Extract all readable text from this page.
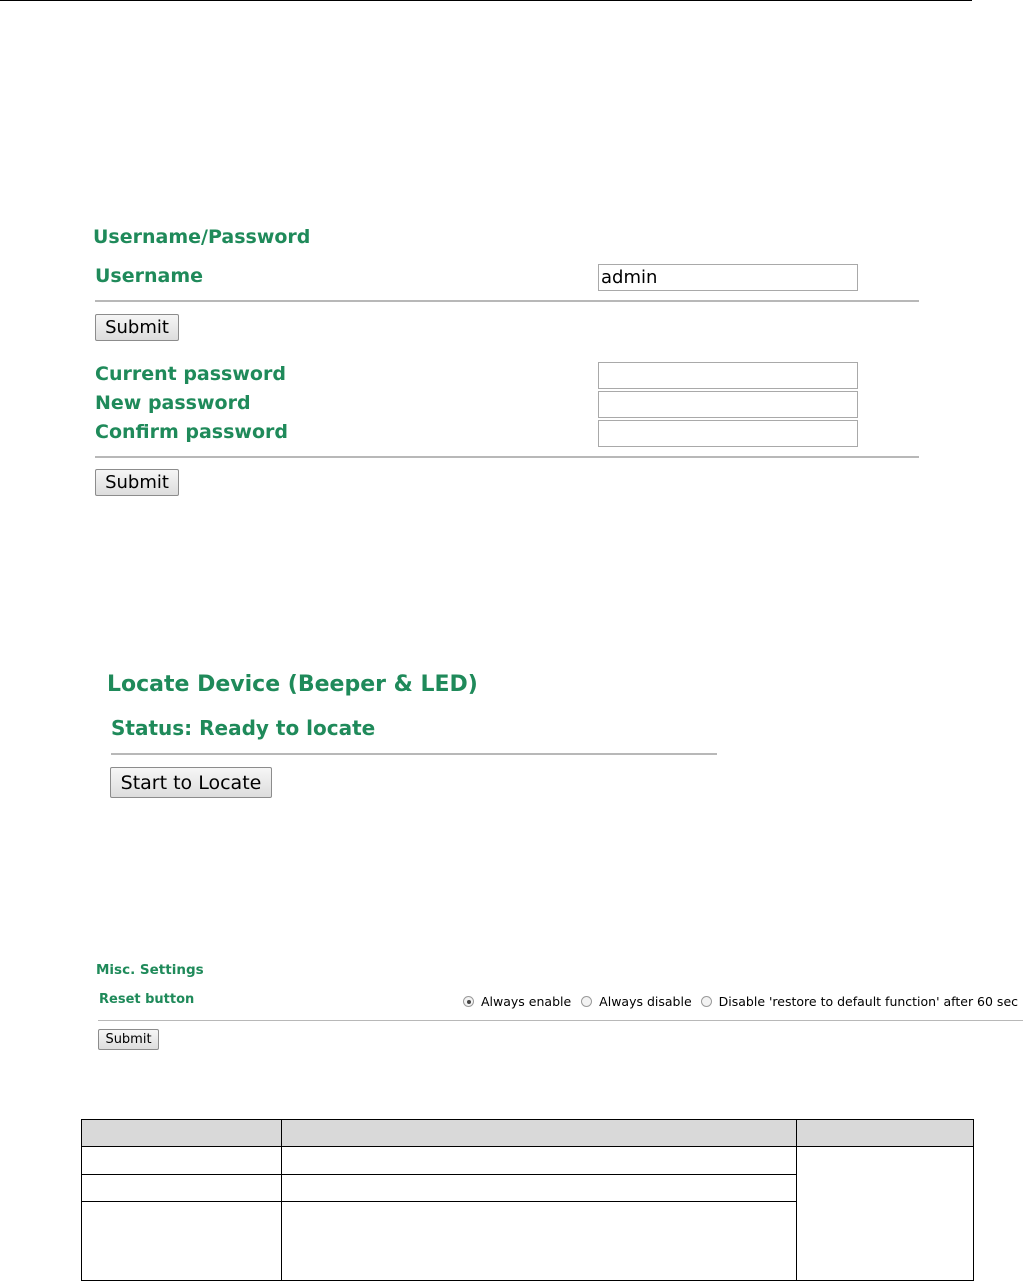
Username/Password
Username
admin
Submit
Current password
New password
Confirm password
Submit
Locate Device (Beeper & LED)
Status: Ready to locate
Start to Locate
Misc. Settings
Reset button	Always enable Always disable Disable 'restore to default function' after 60 sec
Submit
